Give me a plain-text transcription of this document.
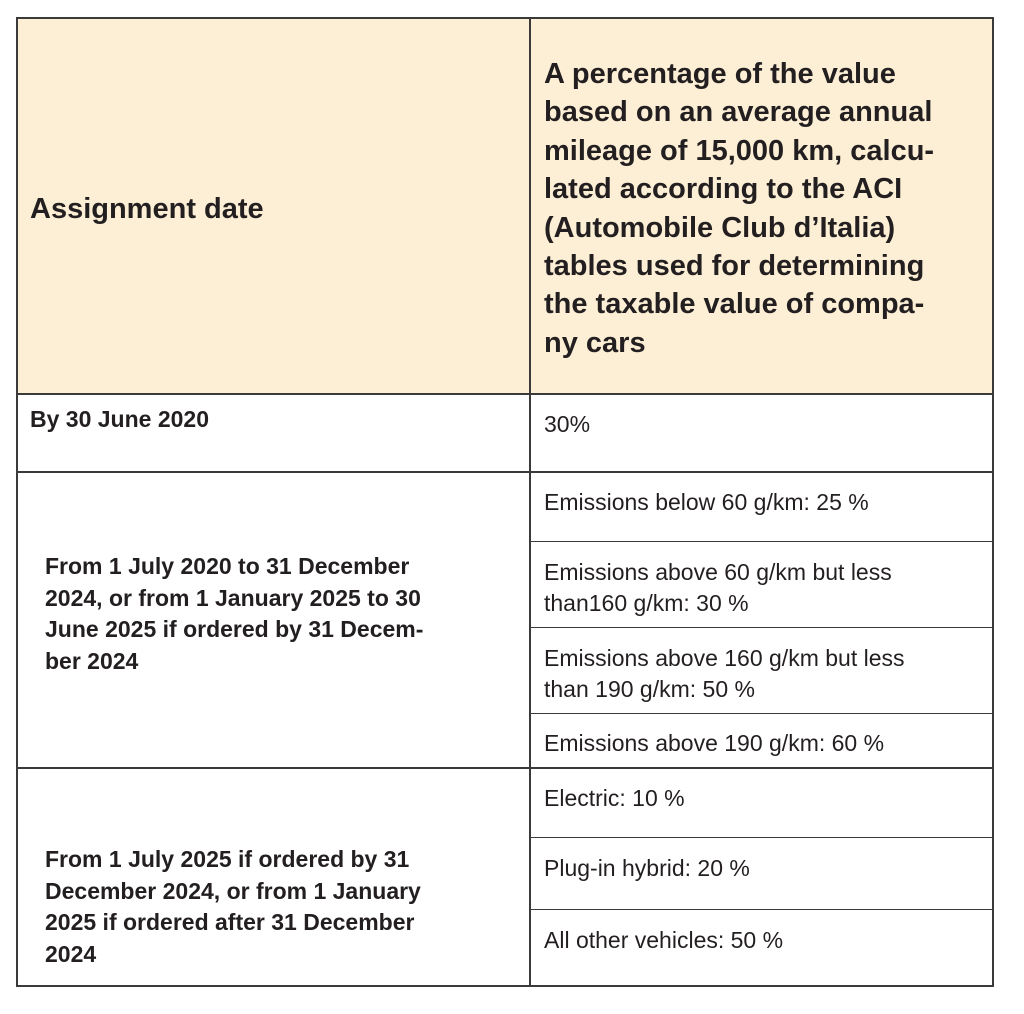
Assignment date
A percentage of the value
based on an average annual
mileage of 15,000 km, calcu-
lated according to the ACI
(Automobile Club d’Italia)
tables used for determining
the taxable value of compa-
ny cars
By 30 June 2020	30%
From 1 July 2020 to 31 December
2024, or from 1 January 2025 to 30
June 2025 if ordered by 31 Decem-
ber 2024
Emissions below 60 g/km: 25 %
Emissions above 60 g/km but less
than160 g/km: 30 %
Emissions above 160 g/km but less
than 190 g/km: 50 %
Emissions above 190 g/km: 60 %
From 1 July 2025 if ordered by 31
December 2024, or from 1 January
2025 if ordered after 31 December
2024
Electric: 10 %
Plug-in hybrid: 20 %
All other vehicles: 50 %
